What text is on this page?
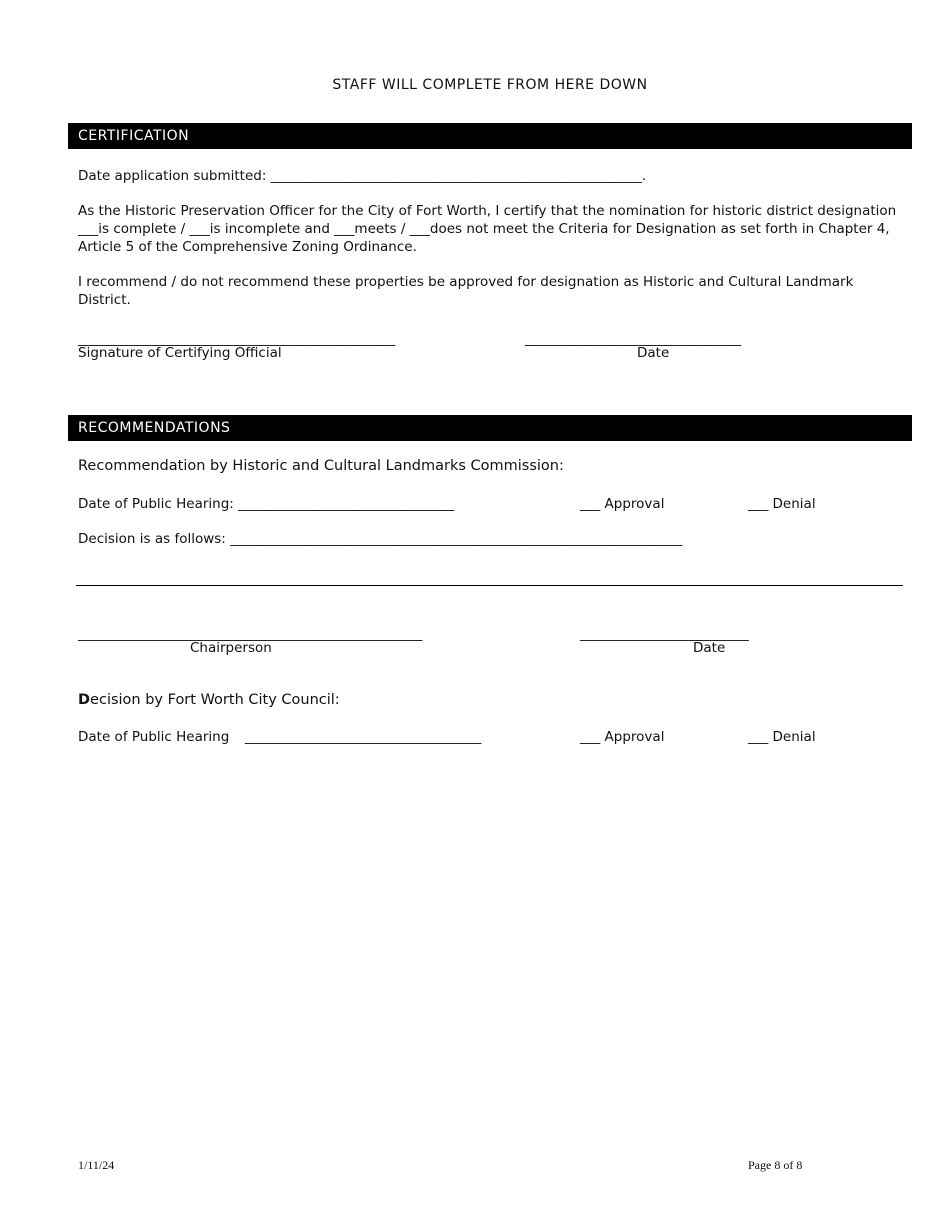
STAFF WILL COMPLETE FROM HERE DOWN
CERTIFICATION
Date application submitted: _______________________________________________________.
As the Historic Preservation Officer for the City of Fort Worth, I certify that the nomination for historic district designation ___is complete / ___is incomplete and ___meets / ___does not meet the Criteria for Designation as set forth in Chapter 4, Article 5 of the Comprehensive Zoning Ordinance.
I recommend / do not recommend these properties be approved for designation as Historic and Cultural Landmark District.
_______________________________________________	________________________________
Signature of Certifying Official	Date
RECOMMENDATIONS
Recommendation by Historic and Cultural Landmarks Commission:
Date of Public Hearing: ________________________________	___ Approval	___ Denial
Decision is as follows: ___________________________________________________________________
___________________________________________________	_________________________
Chairperson	Date
Decision by Fort Worth City Council:
Date of Public Hearing ___________________________________	___ Approval	___ Denial
1/11/24	Page 8 of 8
